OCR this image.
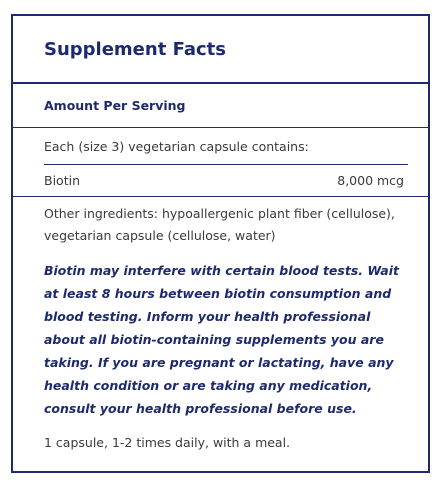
Supplement Facts
Amount Per Serving
Each (size 3) vegetarian capsule contains:
Biotin	8,000 mcg
Other ingredients: hypoallergenic plant fiber (cellulose), vegetarian capsule (cellulose, water)
Biotin may interfere with certain blood tests. Wait at least 8 hours between biotin consumption and blood testing. Inform your health professional about all biotin-containing supplements you are taking. If you are pregnant or lactating, have any health condition or are taking any medication, consult your health professional before use.
1 capsule, 1-2 times daily, with a meal.
